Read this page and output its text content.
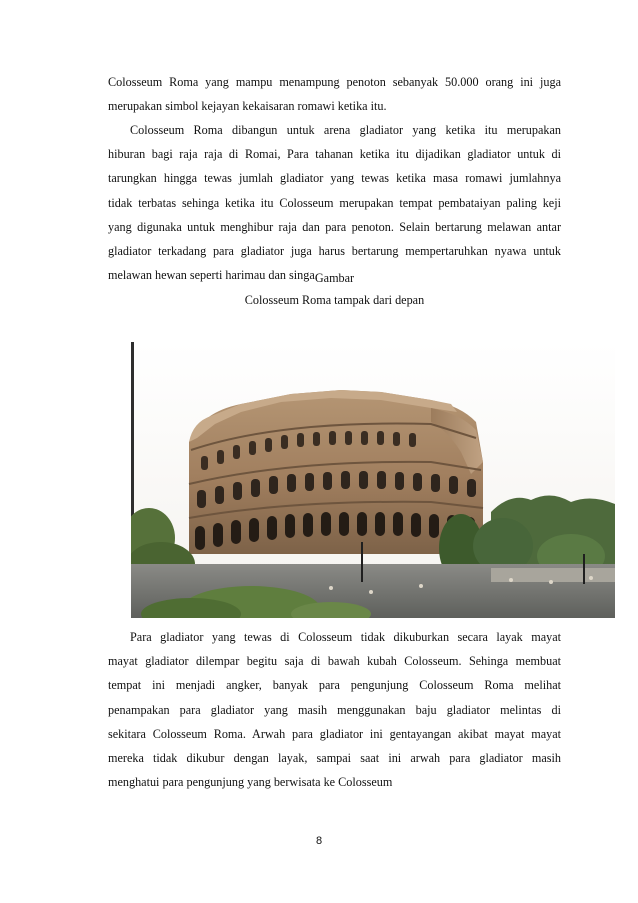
Colosseum Roma yang mampu menampung penoton sebanyak 50.000 orang ini juga
merupakan simbol kejayan kekaisaran romawi ketika itu.
Colosseum Roma dibangun untuk arena gladiator yang ketika itu merupakan
hiburan bagi raja raja di Romai, Para tahanan ketika itu dijadikan gladiator untuk di
tarungkan hingga tewas jumlah gladiator yang tewas ketika masa romawi jumlahnya
tidak terbatas sehinga ketika itu Colosseum merupakan tempat pembataiyan paling keji
yang digunaka untuk menghibur raja dan para penoton. Selain bertarung melawan antar
gladiator terkadang para gladiator juga harus bertarung mempertaruhkan nyawa untuk
melawan hewan seperti harimau dan singa.
Gambar
Colosseum Roma tampak dari depan
Para gladiator yang tewas di Colosseum tidak dikuburkan secara layak mayat
mayat gladiator dilempar begitu saja di bawah kubah Colosseum. Sehinga membuat
tempat ini menjadi angker, banyak para pengunjung Colosseum Roma melihat
penampakan para gladiator yang masih menggunakan baju gladiator melintas di
sekitara Colosseum Roma. Arwah para gladiator ini gentayangan akibat mayat mayat
mereka tidak dikubur dengan layak, sampai saat ini arwah para gladiator masih
menghatui para pengunjung yang berwisata ke Colosseum
8
